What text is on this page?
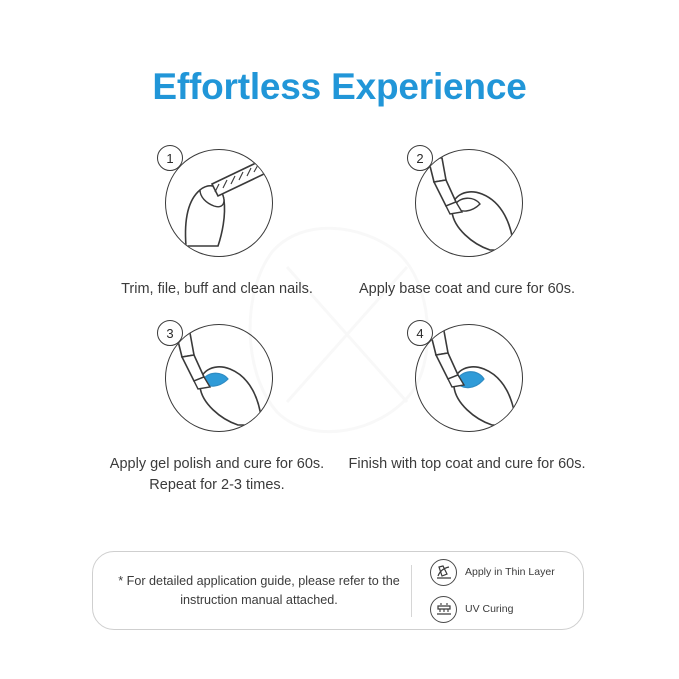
Effortless Experience
1
Trim, file, buff and clean nails.
2
Apply base coat and cure for 60s.
3
Apply gel polish and cure for 60s. Repeat for 2-3 times.
4
Finish with top coat and cure for 60s.
* For detailed application guide, please refer to the instruction manual attached.
Apply in Thin Layer
UV Curing
